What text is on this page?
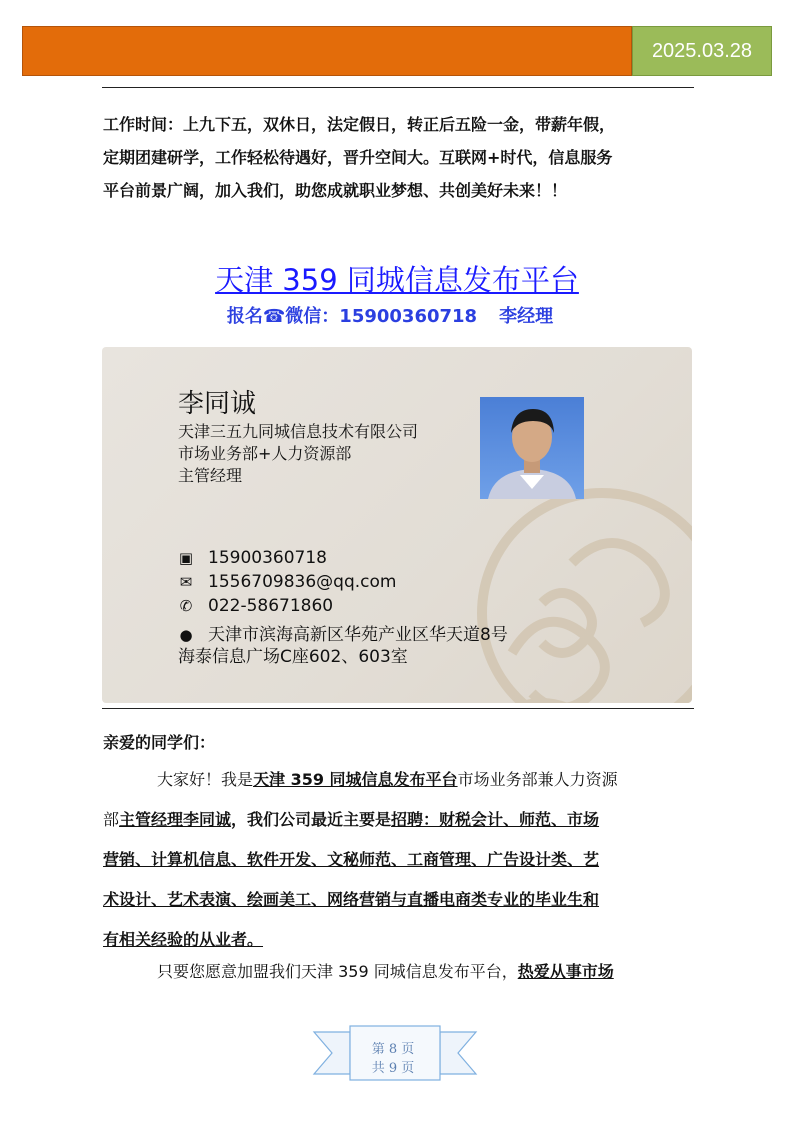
2025.03.28
工作时间：上九下五，双休日，法定假日，转正后五险一金，带薪年假，
定期团建研学，工作轻松待遇好，晋升空间大。互联网+时代，信息服务
平台前景广阔，加入我们，助您成就职业梦想、共创美好未来！！
天津 359 同城信息发布平台
报名☎微信：15900360718 李经理
李同诚
天津三五九同城信息技术有限公司
市场业务部+人力资源部
主管经理
▣ 15900360718
✉ 1556709836@qq.com
✆ 022-58671860
● 天津市滨海高新区华苑产业区华天道8号
海泰信息广场C座602、603室
亲爱的同学们：
大家好！我是天津 359 同城信息发布平台市场业务部兼人力资源
部主管经理李同诚，我们公司最近主要是招聘：财税会计、师范、市场
营销、计算机信息、软件开发、文秘师范、工商管理、广告设计类、艺
术设计、艺术表演、绘画美工、网络营销与直播电商类专业的毕业生和
有相关经验的从业者。
只要您愿意加盟我们天津 359 同城信息发布平台，热爱从事市场
第 8 页
共 9 页
